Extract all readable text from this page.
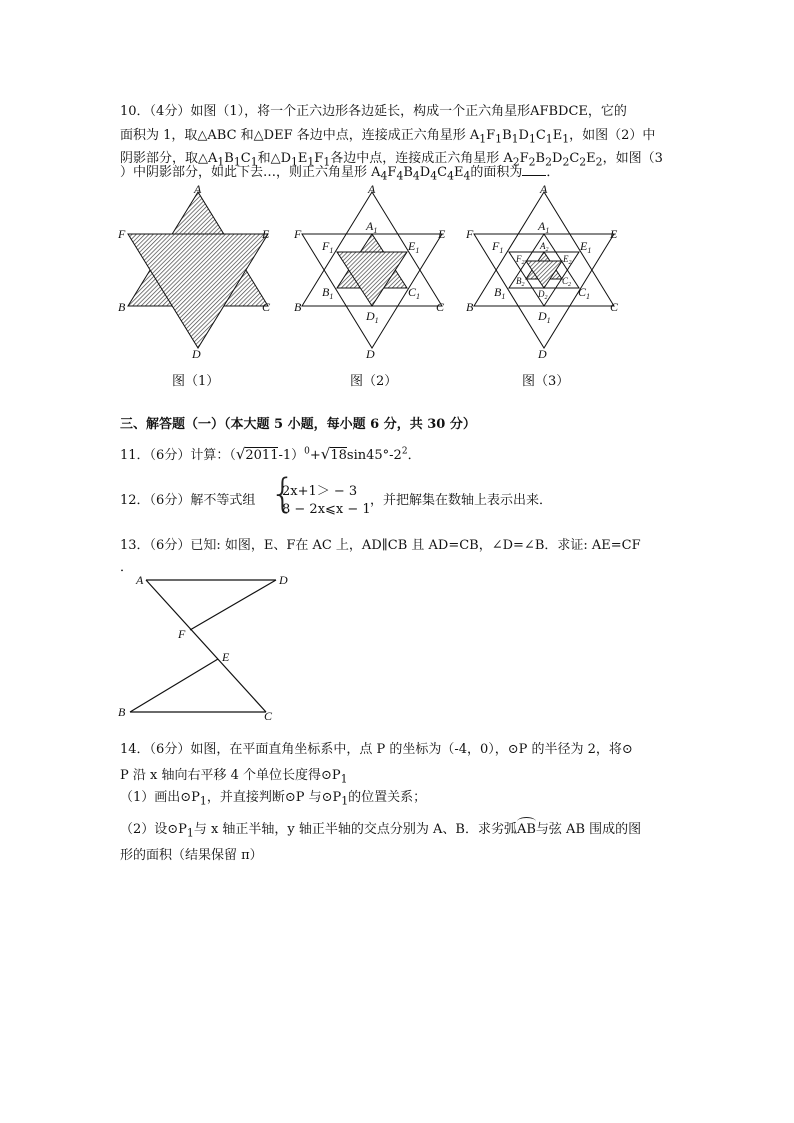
10．（4分）如图（1），将一个正六边形各边延长，构成一个正六角星形AFBDCE，它的
面积为 1，取△ABC 和△DEF 各边中点，连接成正六角星形 $A_1F_1B_1D_1C_1E_1$，如图（2）中
阴影部分，取$\triangle A_1B_1C_1$和$\triangle D_1E_1F_1$各边中点，连接成正六角星形 $A_2F_2B_2D_2C_2E_2$，如图（3
）中阴影部分，如此下去…，则正六角星形 $A_4F_4B_4D_4C_4E_4$的面积为 ．
A
F	E
B	C
D
A
F	E
B	C
D
$A_1$
$F_1$	$E_1$
$B_1$	$C_1$
$D_1$
A
F	E
B	C
D
$A_1$
$F_1$	$E_1$
$B_1$	$C_1$
$D_1$
$A_2$
$F_2$	$E_2$
$B_2$	$C_2$
$D_2$
图（1）	图（2）	图（3）
三、解答题（一）（本大题 5 小题，每小题 6 分，共 30 分）
11．（6分）计算：$(√2011-1)^0+√18\sin 45^\circ-2^2$．
12．（6分）解不等式组 {
2x+1＞ − 3
8 − 2x⩽x − 1
，并把解集在数轴上表示出来．
13．（6分）已知: 如图，E、F在 AC 上，AD∥CB 且 AD=CB，∠D=∠B．求证: AE=CF
．
A	D
F
E
B	C
14．（6分）如图，在平面直角坐标系中，点 P 的坐标为（-4，0），⊙P 的半径为 2，将⊙
P 沿 x 轴向右平移 4 个单位长度得$⊙P_1$
（1）画出$⊙P_1$，并直接判断⊙P 与$⊙P_1$的位置关系；
（2）设$⊙P_1$与 x 轴正半轴，y 轴正半轴的交点分别为 A、B．求劣弧AB与弦 AB 围成的图
形的面积（结果保留 π）
